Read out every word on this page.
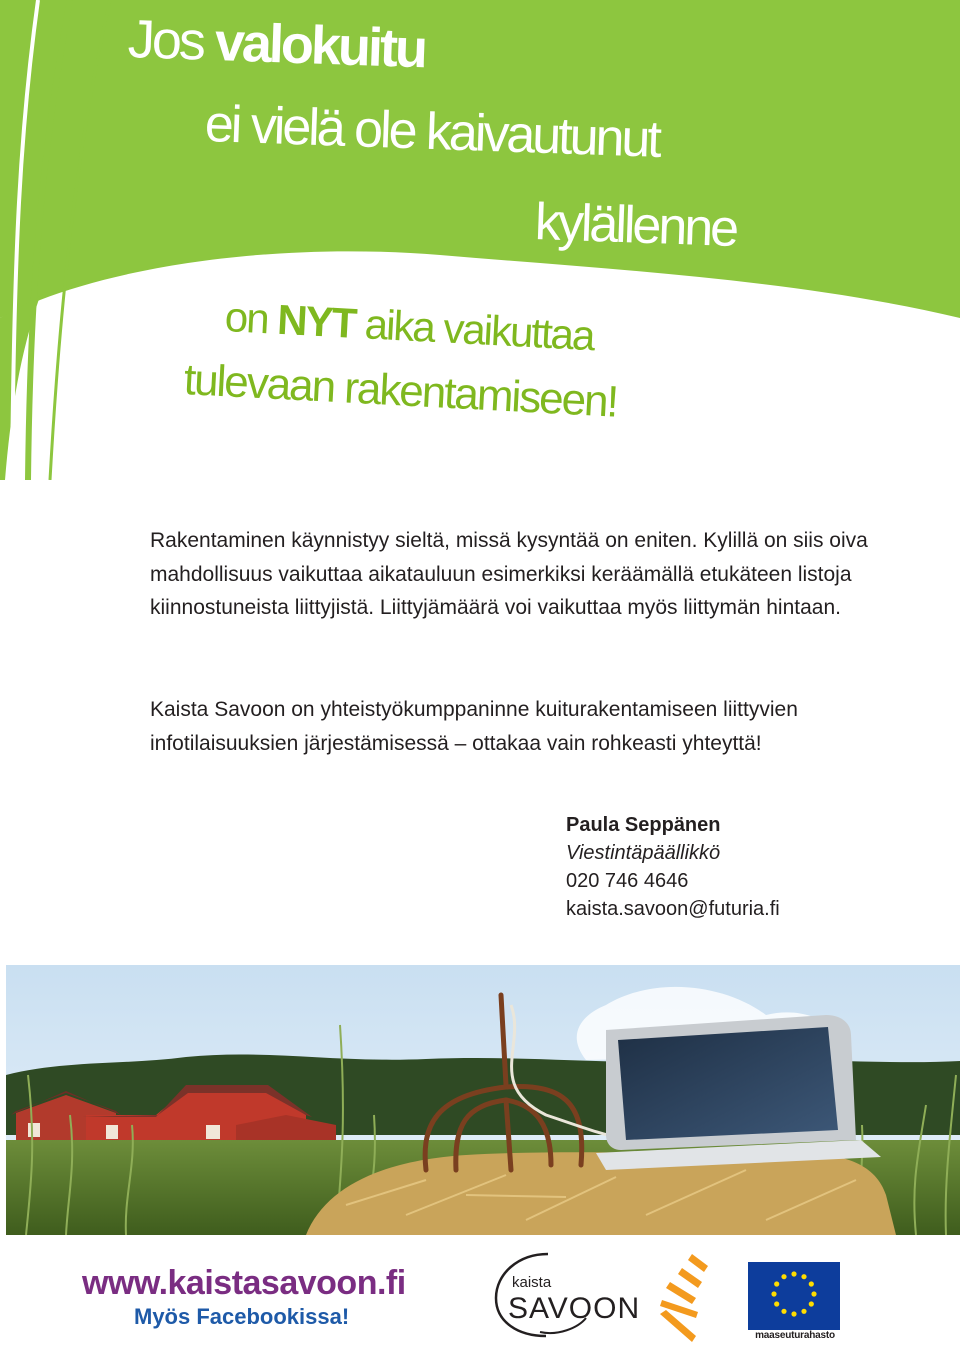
Jos valokuitu
ei vielä ole kaivautunut
kylällenne
on NYT aika vaikuttaa
tulevaan rakentamiseen!

Rakentaminen käynnistyy sieltä, missä kysyntää on eniten. Kylillä on siis oiva mahdollisuus vaikuttaa aikatauluun esimerkiksi keräämällä etukäteen listoja kiinnostuneista liittyjistä. Liittyjämäärä voi vaikuttaa myös liittymän hintaan.

Kaista Savoon on yhteistyökumppaninne kuiturakentamiseen liittyvien infotilaisuuksien järjestämisessä – ottakaa vain rohkeasti yhteyttä!

Paula Seppänen
Viestintäpäällikkö
020 746 4646
kaista.savoon@futuria.fi
www.kaistasavoon.fi
Myös Facebookissa!
kaista
SAVOON
maaseuturahasto
